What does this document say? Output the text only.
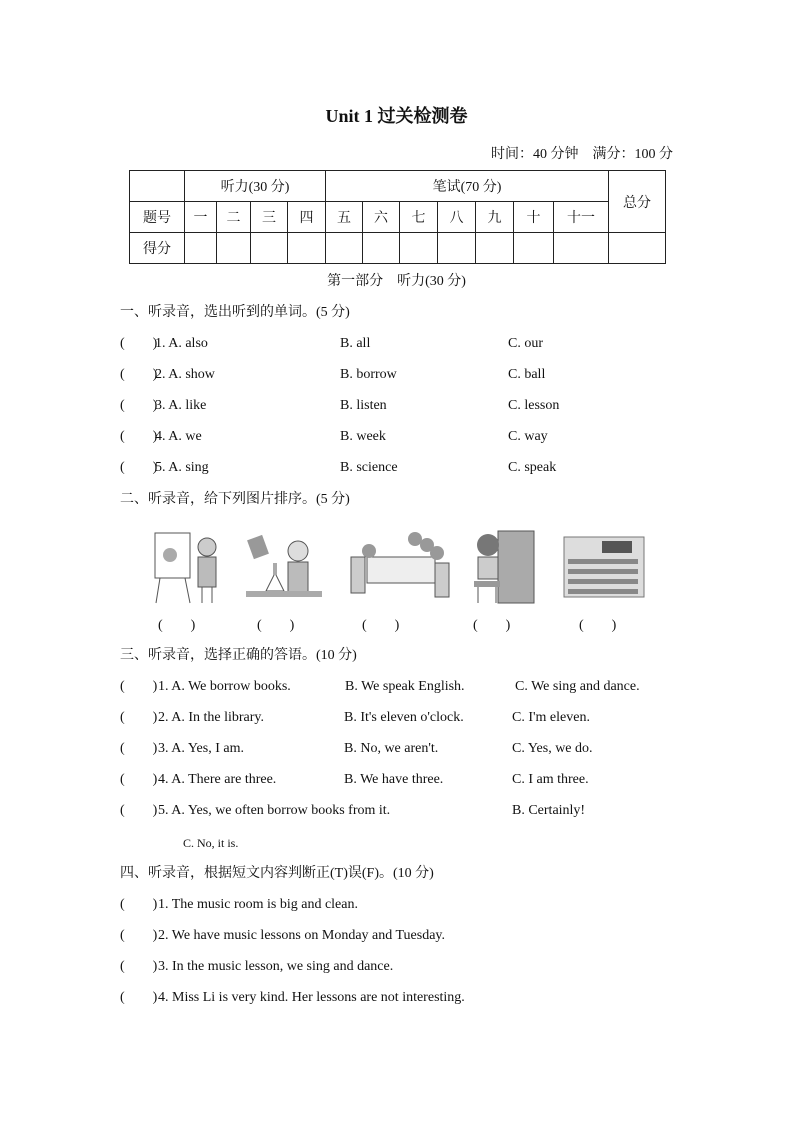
Unit 1 过关检测卷
时间：40 分钟　满分：100 分
	听力(30 分)				笔试(70 分)							总分
题号	一	二	三	四	五	六	七	八	九	十	十一	
得分												
第一部分　听力(30 分)
一、听录音，选出听到的单词。(5 分)
(　　)
1. A. also	B. all	C. our
(　　)
2. A. show	B. borrow	C. ball
(　　)
3. A. like	B. listen	C. lesson
(　　)
4. A. we	B. week	C. way
(　　)
5. A. sing	B. science	C. speak
二、听录音，给下列图片排序。(5 分)
(　　)	(　　)	(　　)	(　　)	(　　)
三、听录音，选择正确的答语。(10 分)
(　　) 1. A. We borrow books.	B. We speak English.	C. We sing and dance.
(　　) 2. A. In the library.	B. It's eleven o'clock.	C. I'm eleven.
(　　) 3. A. Yes, I am.	B. No, we aren't.	C. Yes, we do.
(　　) 4. A. There are three.	B. We have three.	C. I am three.
(　　) 5. A. Yes, we often borrow books from it.	B. Certainly!
C. No, it is.
四、听录音，根据短文内容判断正(T)误(F)。(10 分)
(　　) 1. The music room is big and clean.
(　　) 2. We have music lessons on Monday and Tuesday.
(　　) 3. In the music lesson, we sing and dance.
(　　) 4. Miss Li is very kind. Her lessons are not interesting.
